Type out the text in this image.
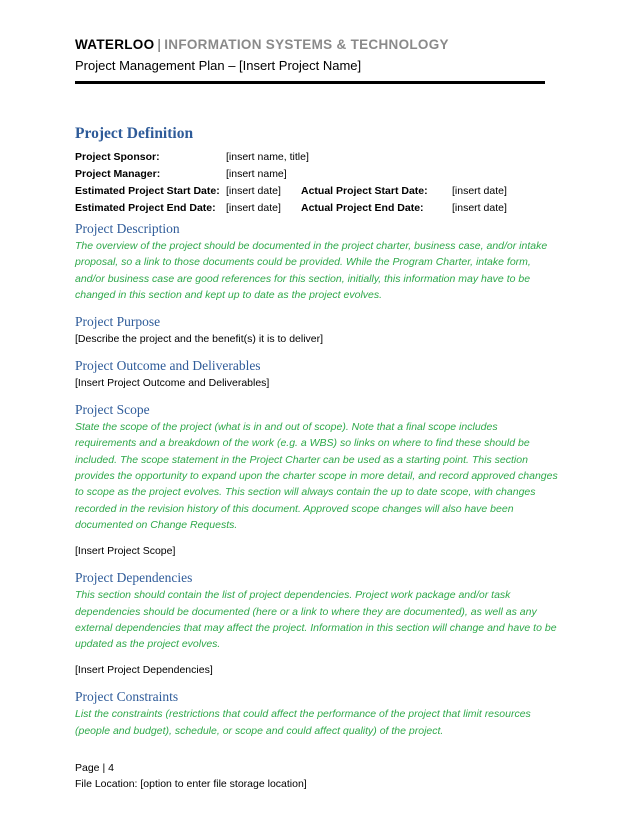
WATERLOO | INFORMATION SYSTEMS & TECHNOLOGY
Project Management Plan – [Insert Project Name]
Project Definition
Project Sponsor:	[insert name, title]		
Project Manager:	[insert name]		
Estimated Project Start Date:	[insert date]	Actual Project Start Date:	[insert date]
Estimated Project End Date:	[insert date]	Actual Project End Date:	[insert date]
Project Description

The overview of the project should be documented in the project charter, business case, and/or intake
proposal, so a link to those documents could be provided. While the Program Charter, intake form,
and/or business case are good references for this section, initially, this information may have to be
changed in this section and kept up to date as the project evolves.

Project Purpose

[Describe the project and the benefit(s) it is to deliver]

Project Outcome and Deliverables

[Insert Project Outcome and Deliverables]

Project Scope

State the scope of the project (what is in and out of scope). Note that a final scope includes
requirements and a breakdown of the work (e.g. a WBS) so links on where to find these should be
included. The scope statement in the Project Charter can be used as a starting point. This section
provides the opportunity to expand upon the charter scope in more detail, and record approved changes
to scope as the project evolves. This section will always contain the up to date scope, with changes
recorded in the revision history of this document. Approved scope changes will also have been
documented on Change Requests.

[Insert Project Scope]

Project Dependencies

This section should contain the list of project dependencies. Project work package and/or task
dependencies should be documented (here or a link to where they are documented), as well as any
external dependencies that may affect the project. Information in this section will change and have to be
updated as the project evolves.

[Insert Project Dependencies]

Project Constraints

List the constraints (restrictions that could affect the performance of the project that limit resources
(people and budget), schedule, or scope and could affect quality) of the project.

Page | 4
File Location: [option to enter file storage location]
